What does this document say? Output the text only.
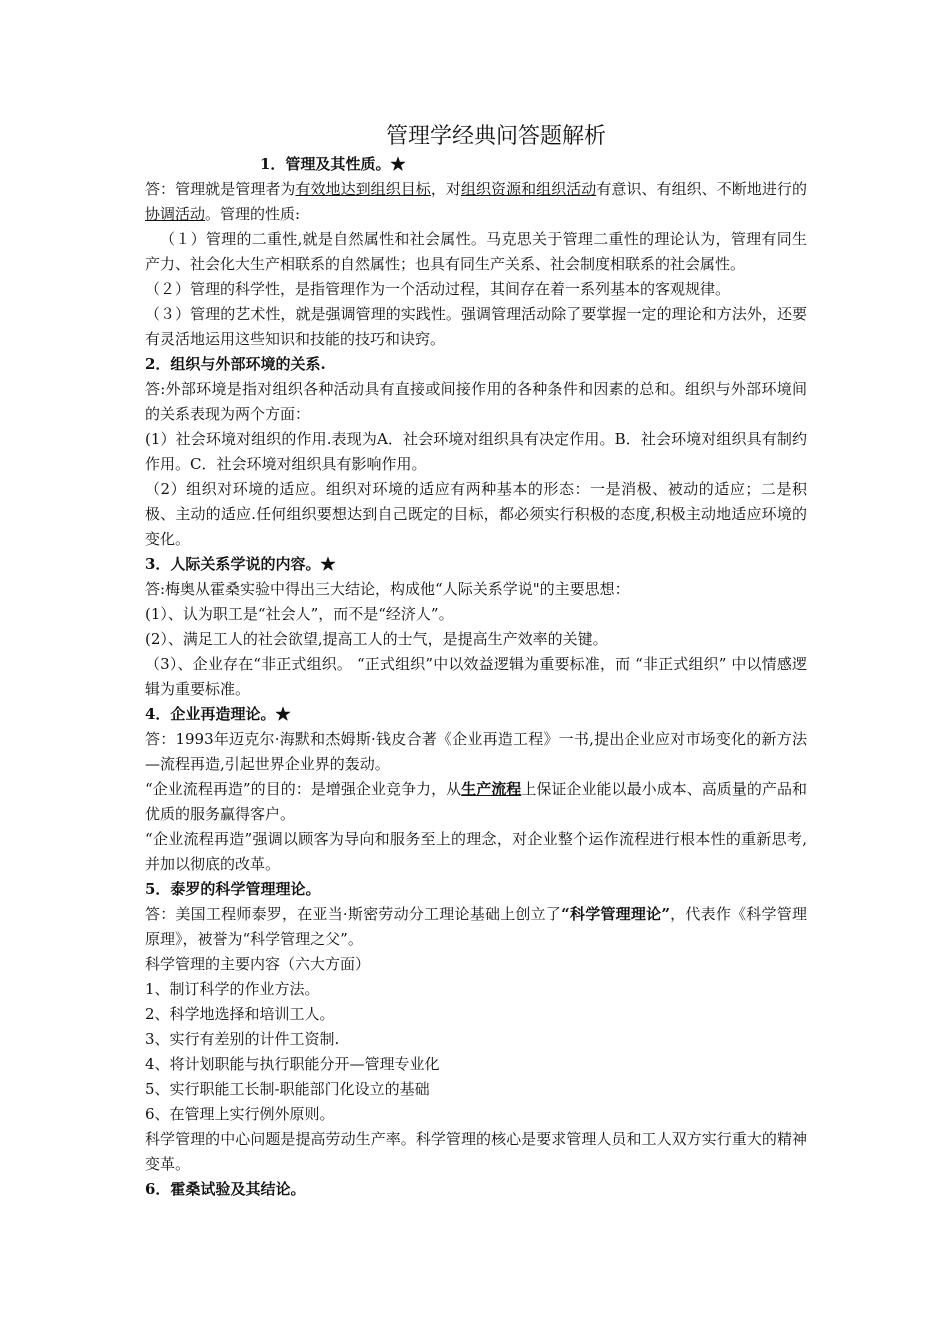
管理学经典问答题解析
1．管理及其性质。★

答：管理就是管理者为有效地达到组织目标，对组织资源和组织活动有意识、有组织、不断地进行的协调活动。管理的性质:

（１）管理的二重性,就是自然属性和社会属性。马克思关于管理二重性的理论认为，管理有同生产力、社会化大生产相联系的自然属性；也具有同生产关系、社会制度相联系的社会属性。

（２）管理的科学性，是指管理作为一个活动过程，其间存在着一系列基本的客观规律。

（３）管理的艺术性，就是强调管理的实践性。强调管理活动除了要掌握一定的理论和方法外，还要有灵活地运用这些知识和技能的技巧和诀窍。

2．组织与外部环境的关系.

答:外部环境是指对组织各种活动具有直接或间接作用的各种条件和因素的总和。组织与外部环境间的关系表现为两个方面：

(1）社会环境对组织的作用.表现为A．社会环境对组织具有决定作用。B．社会环境对组织具有制约作用。C．社会环境对组织具有影响作用。

（2）组织对环境的适应。组织对环境的适应有两种基本的形态：一是消极、被动的适应；二是积极、主动的适应.任何组织要想达到自己既定的目标，都必须实行积极的态度,积极主动地适应环境的变化。

3．人际关系学说的内容。★

答:梅奥从霍桑实验中得出三大结论，构成他“人际关系学说"的主要思想：

(1）、认为职工是“社会人”，而不是“经济人”。

(2）、满足工人的社会欲望,提高工人的士气，是提高生产效率的关键。

（3）、企业存在“非正式组织。 “正式组织”中以效益逻辑为重要标准，而 “非正式组织” 中以情感逻辑为重要标准。

4．企业再造理论。★

答：1993年迈克尔·海默和杰姆斯·钱皮合著《企业再造工程》一书,提出企业应对市场变化的新方法—流程再造,引起世界企业界的轰动。

“企业流程再造”的目的：是增强企业竞争力，从生产流程上保证企业能以最小成本、高质量的产品和优质的服务赢得客户。

“企业流程再造”强调以顾客为导向和服务至上的理念，对企业整个运作流程进行根本性的重新思考,并加以彻底的改革。

5．泰罗的科学管理理论。

答：美国工程师泰罗，在亚当·斯密劳动分工理论基础上创立了“科学管理理论”，代表作《科学管理原理》，被誉为“科学管理之父”。

科学管理的主要内容（六大方面）

1、制订科学的作业方法。

2、科学地选择和培训工人。

3、实行有差别的计件工资制.

4、将计划职能与执行职能分开—管理专业化

5、实行职能工长制-职能部门化设立的基础

6、在管理上实行例外原则。

科学管理的中心问题是提高劳动生产率。科学管理的核心是要求管理人员和工人双方实行重大的精神变革。

6．霍桑试验及其结论。
